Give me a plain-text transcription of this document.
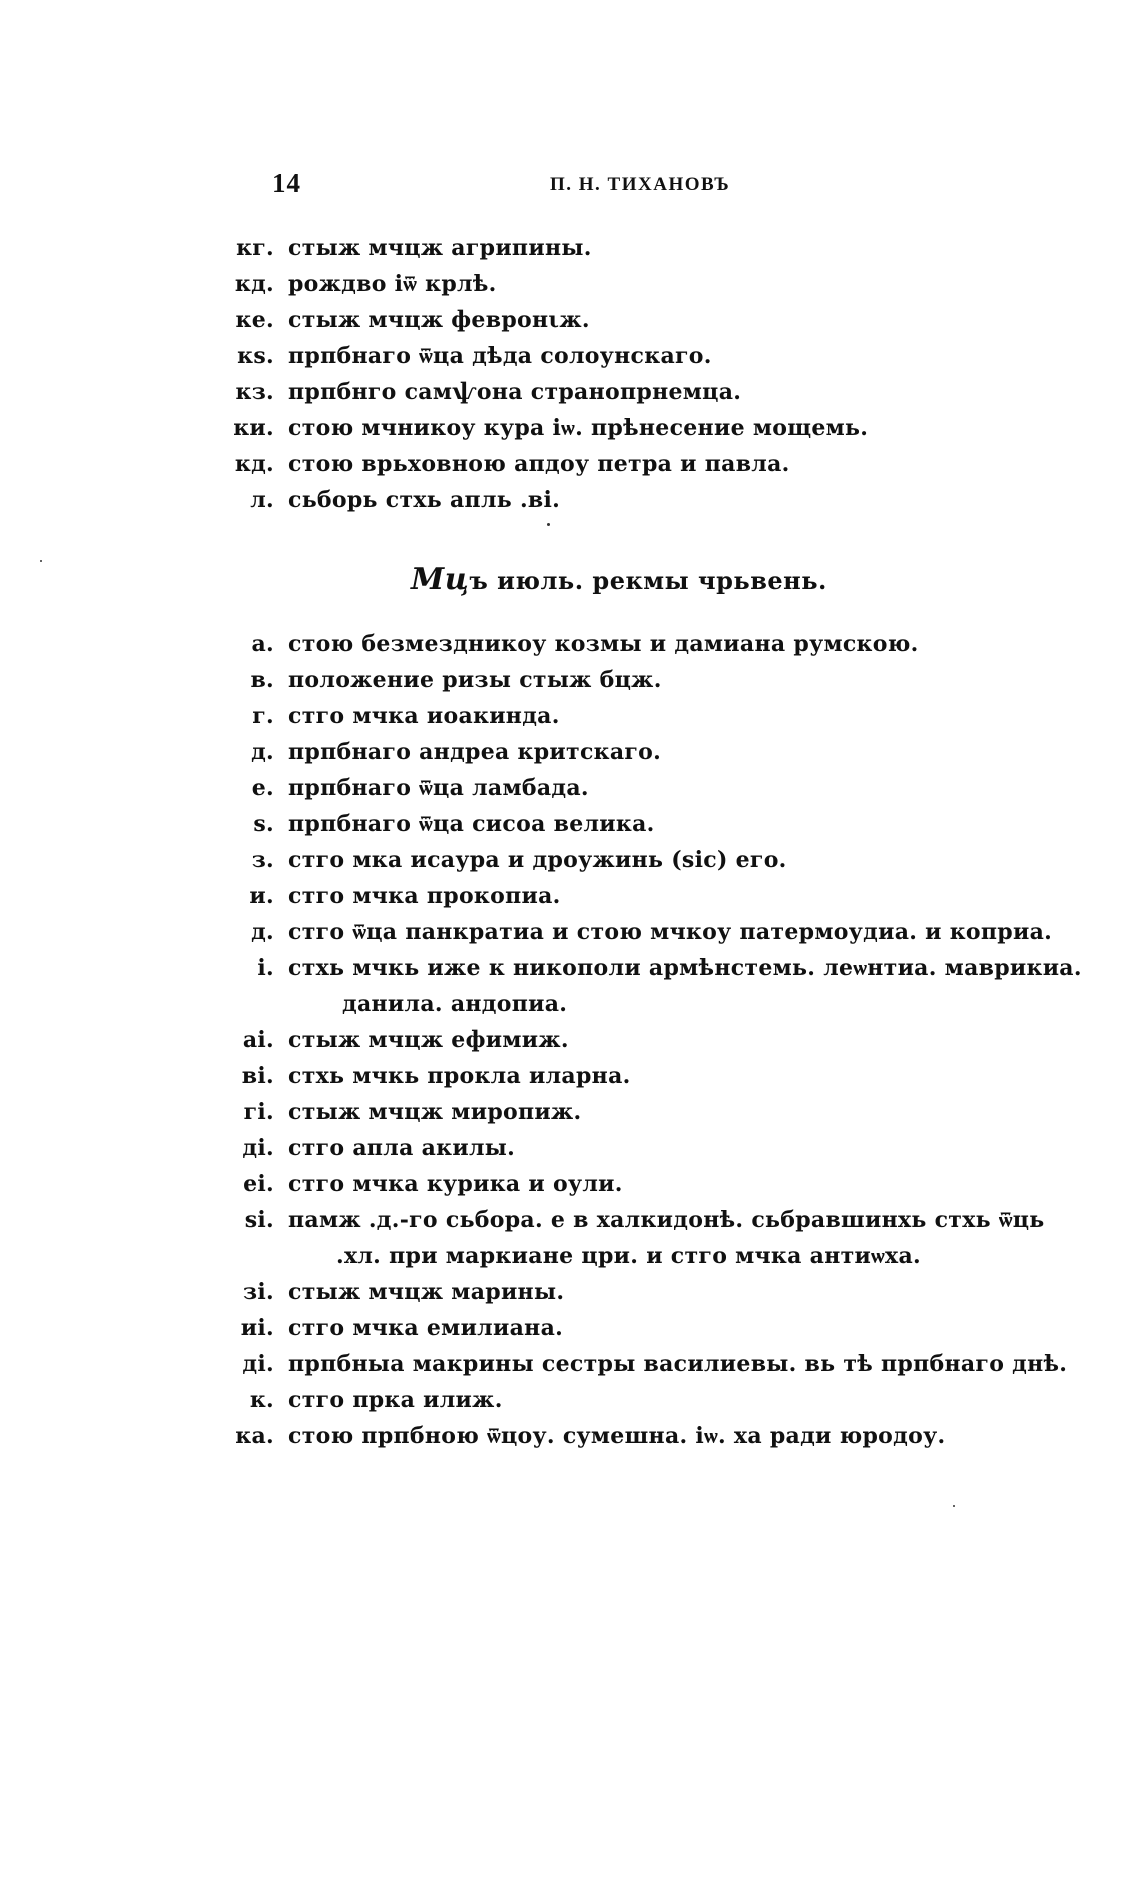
14	П. Н. ТИХАНОВЪ
кг. стыж мчцж агрипины.
кд. рождво іѿ крлѣ.
ке. стыж мчцж февронιж.
кѕ. прпбнаго ѿца дѣда солоунскаго.
кз. прпбнго самѱона странопрнемца.
ки. стою мчникоу кура іѡ. прѣнесение мощемь.
кд. стою врьховною апдоу петра и павла.
л. сьборь стхь апль .ві.
Мцъ июль. рекмы чрьвень.
а. стою безмездникоу козмы и дамиана румскою.
в. положение ризы стыж бцж.
г. стго мчка иоакинда.
д. прпбнаго андреа критскаго.
е. прпбнаго ѿца ламбада.
ѕ. прпбнаго ѿца сисоа велика.
з. стго мка исаура и дроужинь (sic) его.
и. стго мчка прокопиа.
д. стго ѿца панкратиа и стою мчкоу патермоудиа. и коприа.
і. стхь мчкь иже к никополи армѣнстемь. леѡнтиа. маврикиа.
данила. андопиа.
аі. стыж мчцж ефимиж.
ві. стхь мчкь прокла иларна.
гі. стыж мчцж миропиж.
ді. стго апла акилы.
еі. стго мчка курика и оули.
ѕі. памж .д.-го сьбора. е в халкидонѣ. сьбравшинхь стхь ѿць
.хл. при маркиане цри. и стго мчка антиѡха.
зі. стыж мчцж марины.
иі. стго мчка емилиана.
ді. прпбныа макрины сестры василиевы. вь тѣ прпбнаго днѣ.
к. стго прка илиж.
ка. стою прпбною ѿцоу. сумешна. іѡ. ха ради юродоу.
